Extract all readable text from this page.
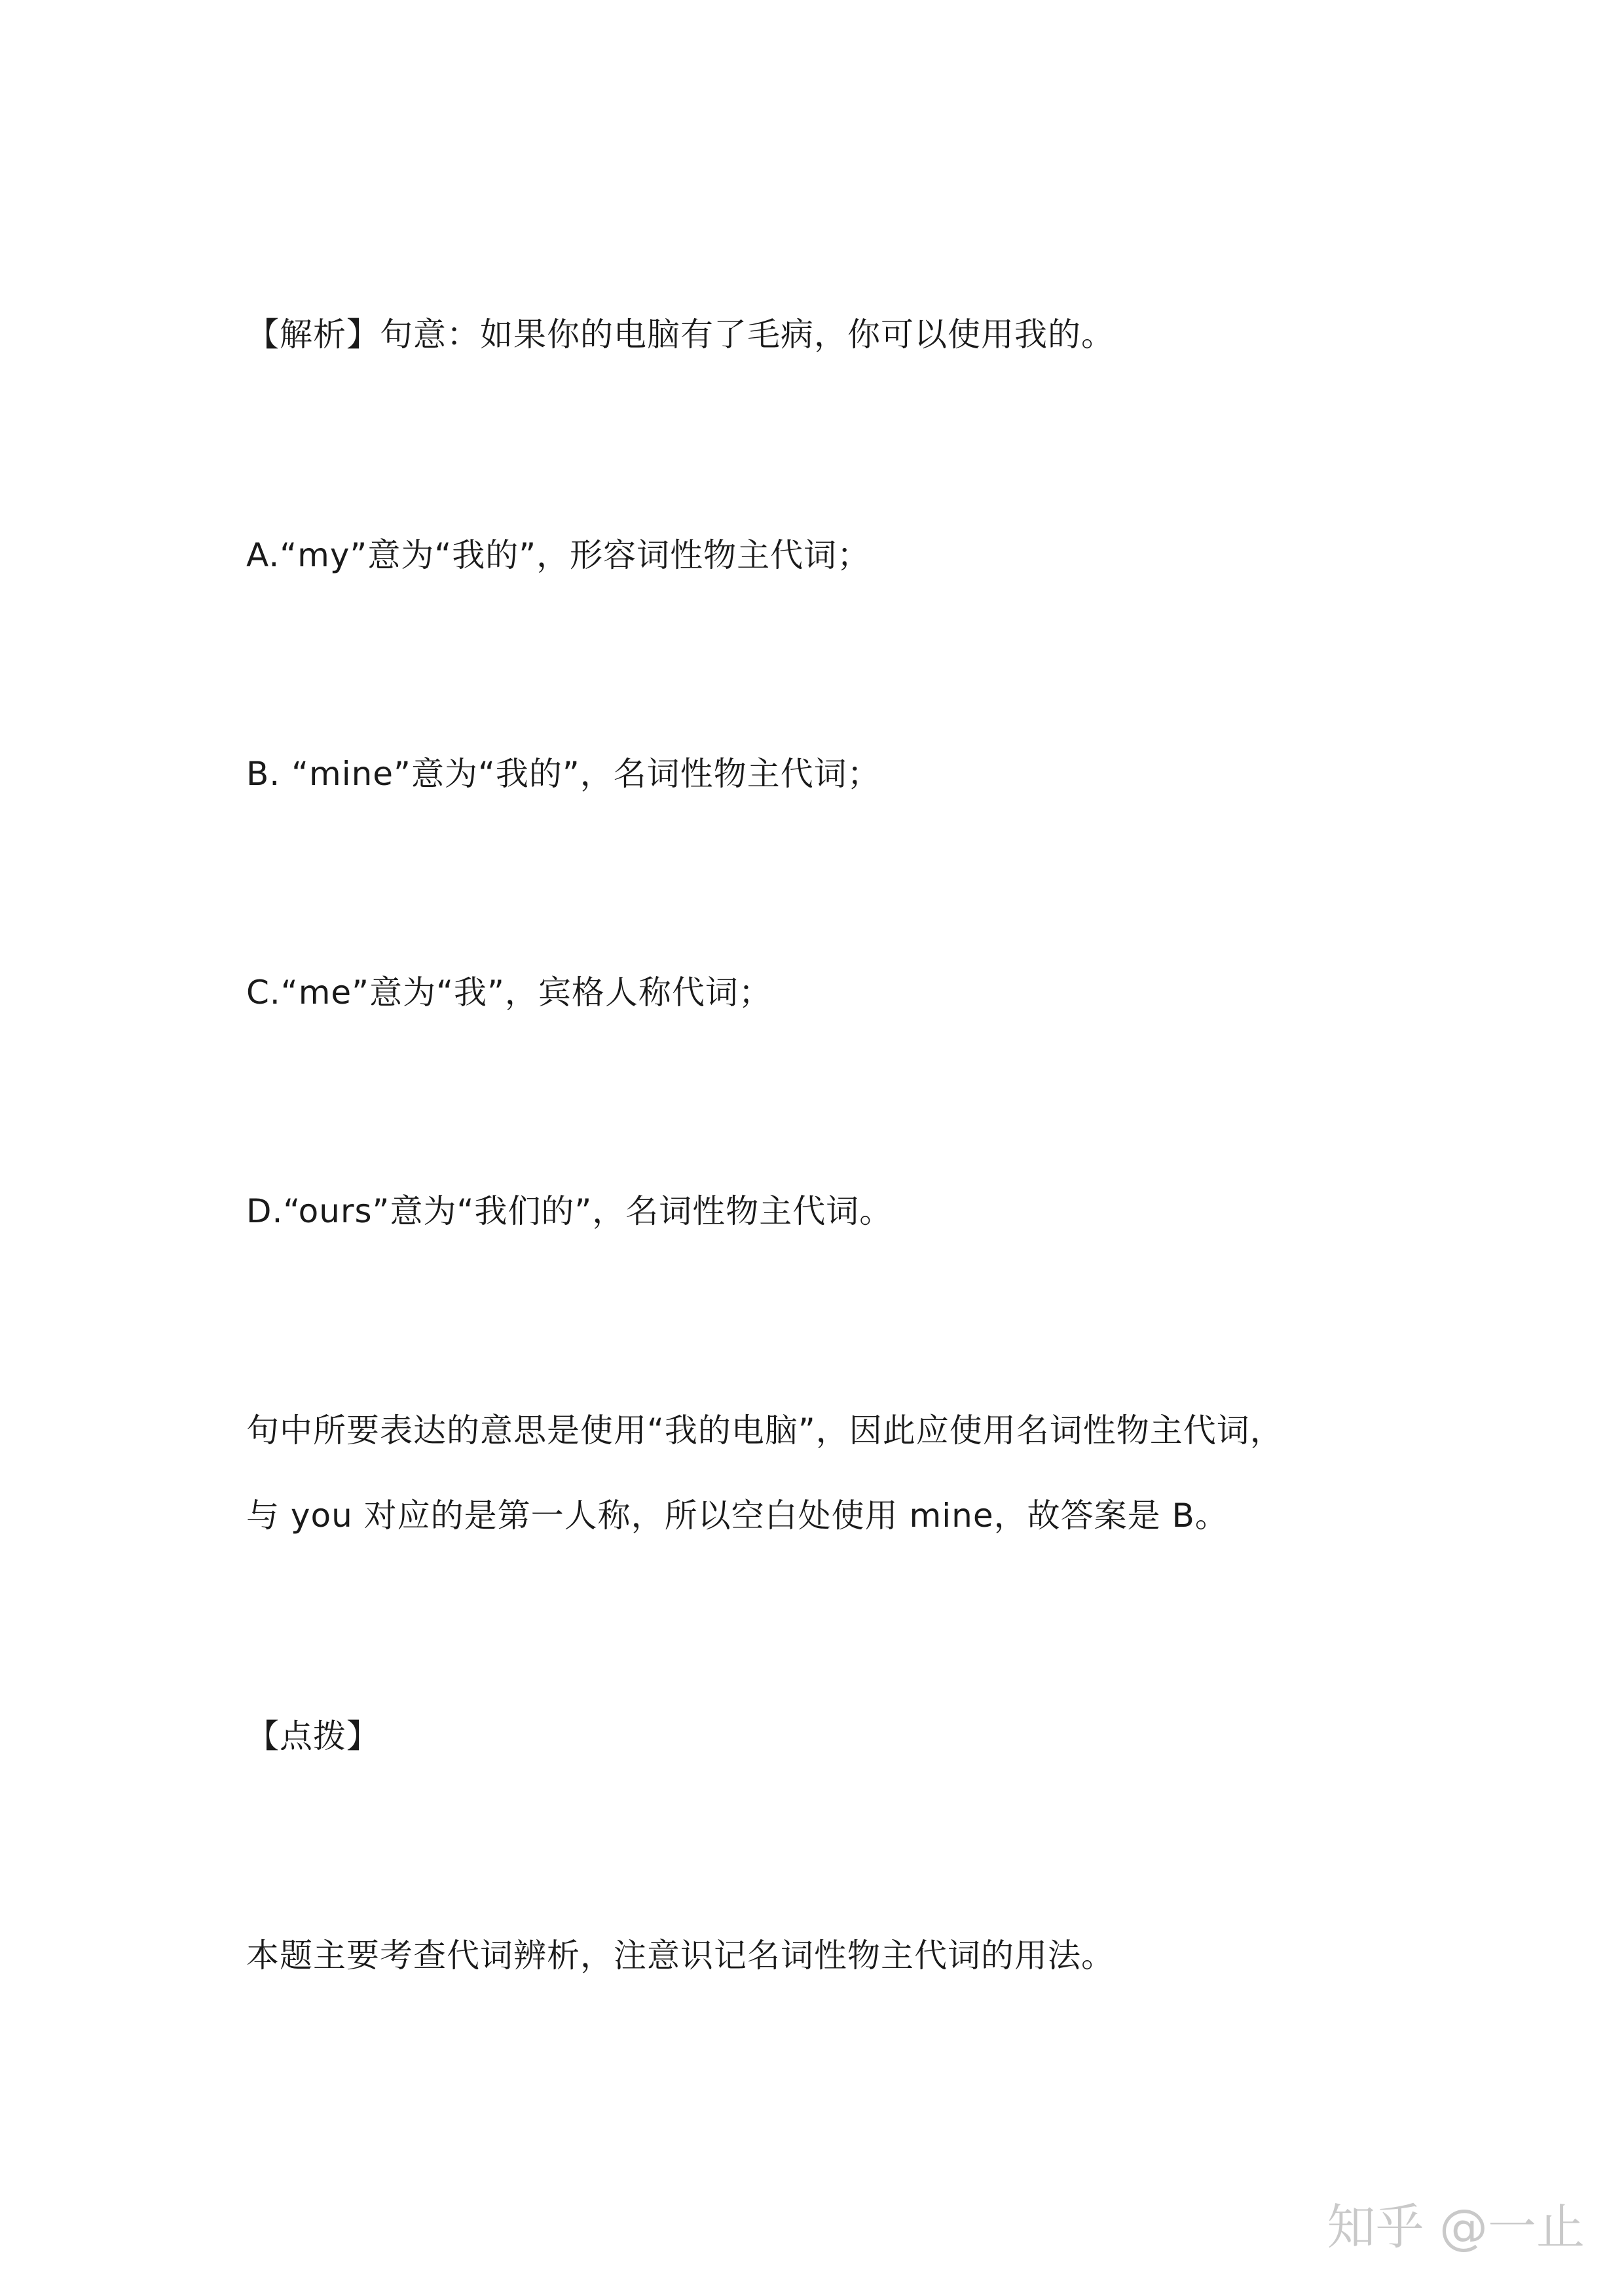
【解析】句意：如果你的电脑有了毛病，你可以使用我的。
A.“my”意为“我的”，形容词性物主代词；
B. “mine”意为“我的”，名词性物主代词；
C.“me”意为“我”，宾格人称代词；
D.“ours”意为“我们的”，名词性物主代词。
句中所要表达的意思是使用“我的电脑”，因此应使用名词性物主代词，
与 you 对应的是第一人称，所以空白处使用 mine，故答案是 B。
【点拨】
本题主要考查代词辨析，注意识记名词性物主代词的用法。
知乎 @一止
